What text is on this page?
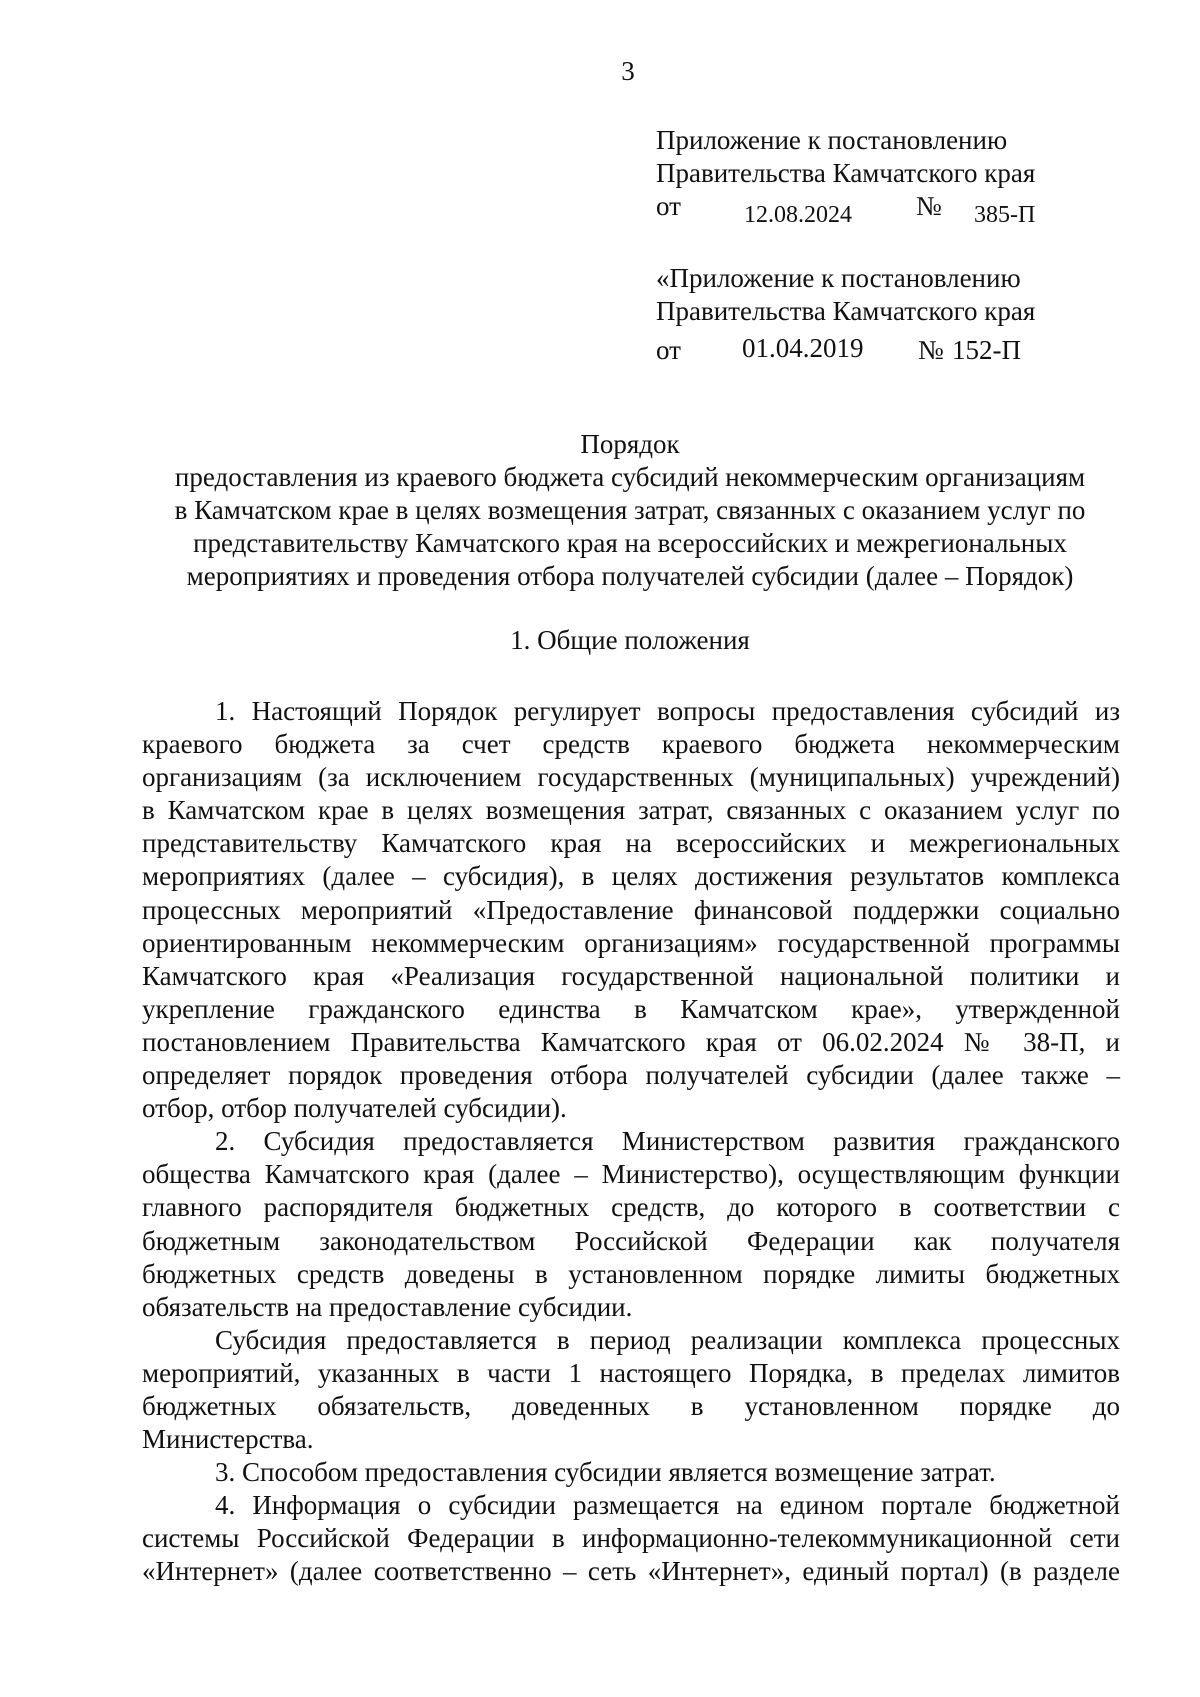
3
Приложение к постановлению
Правительства Камчатского края
от	12.08.2024 № 385-П
«Приложение к постановлению
Правительства Камчатского края
от 01.04.2019 № 152-П
Порядок
предоставления из краевого бюджета субсидий некоммерческим организациям
в Камчатском крае в целях возмещения затрат, связанных с оказанием услуг по
представительству Камчатского края на всероссийских и межрегиональных
мероприятиях и проведения отбора получателей субсидии (далее – Порядок)
1. Общие положения
1. Настоящий Порядок регулирует вопросы предоставления субсидий из
краевого бюджета за счет средств краевого бюджета некоммерческим
организациям (за исключением государственных (муниципальных) учреждений)
в Камчатском крае в целях возмещения затрат, связанных с оказанием услуг по
представительству Камчатского края на всероссийских и межрегиональных
мероприятиях (далее – субсидия), в целях достижения результатов комплекса
процессных мероприятий «Предоставление финансовой поддержки социально
ориентированным некоммерческим организациям» государственной программы
Камчатского края «Реализация государственной национальной политики и
укрепление гражданского единства в Камчатском крае», утвержденной
постановлением Правительства Камчатского края от 06.02.2024 № 38-П, и
определяет порядок проведения отбора получателей субсидии (далее также –
отбор, отбор получателей субсидии).
2. Субсидия предоставляется Министерством развития гражданского
общества Камчатского края (далее – Министерство), осуществляющим функции
главного распорядителя бюджетных средств, до которого в соответствии с
бюджетным законодательством Российской Федерации как получателя
бюджетных средств доведены в установленном порядке лимиты бюджетных
обязательств на предоставление субсидии.
Субсидия предоставляется в период реализации комплекса процессных
мероприятий, указанных в части 1 настоящего Порядка, в пределах лимитов
бюджетных обязательств, доведенных в установленном порядке до
Министерства.
3. Способом предоставления субсидии является возмещение затрат.
4. Информация о субсидии размещается на едином портале бюджетной
системы Российской Федерации в информационно-телекоммуникационной сети
«Интернет» (далее соответственно – сеть «Интернет», единый портал) (в разделе
